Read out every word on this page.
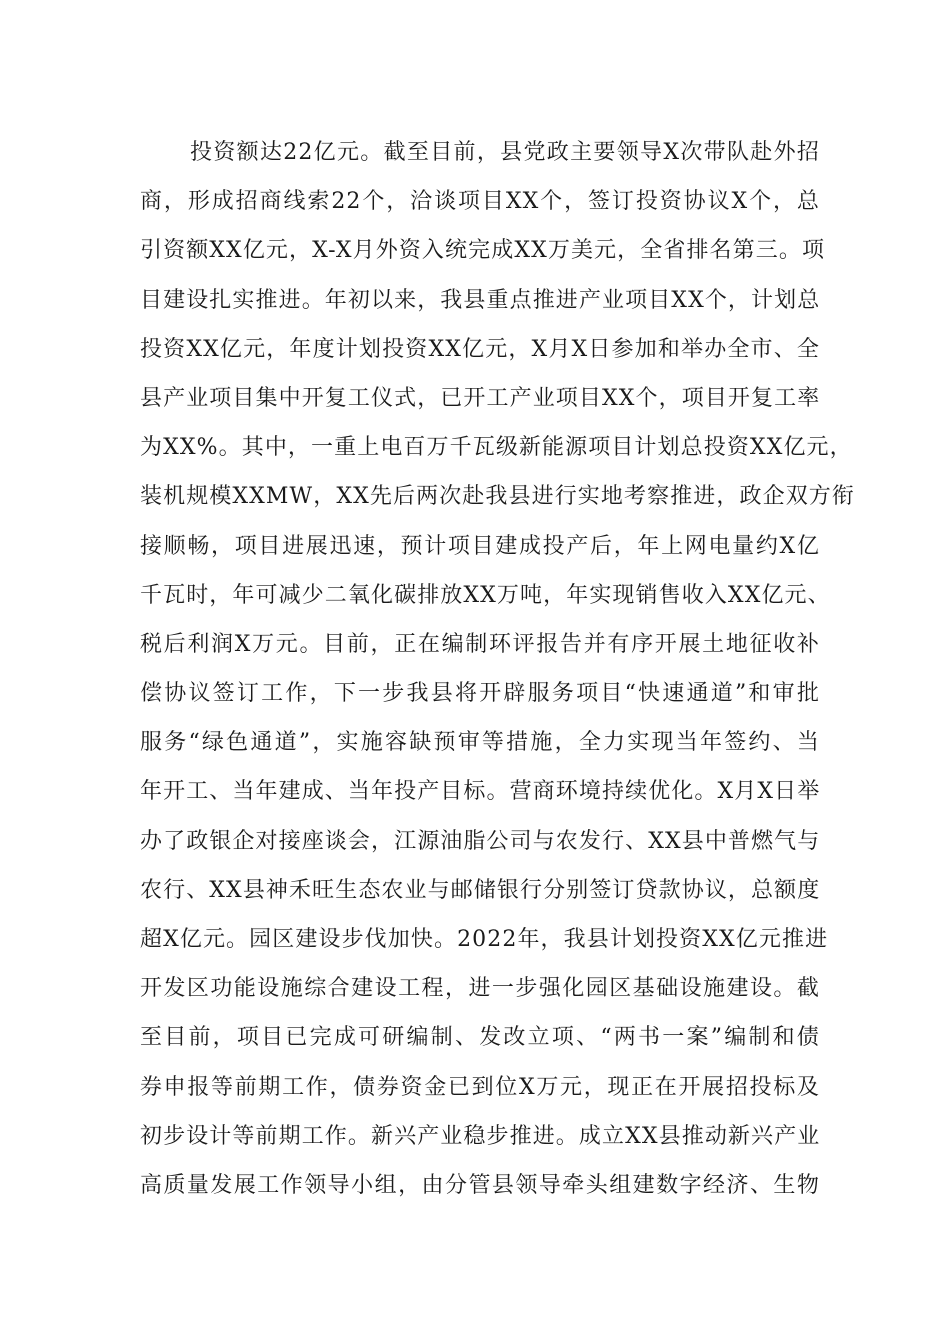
投资额达22亿元。截至目前，县党政主要领导X次带队赴外招
商，形成招商线索22个，洽谈项目XX个，签订投资协议X个，总
引资额XX亿元，X-X月外资入统完成XX万美元，全省排名第三。项
目建设扎实推进。年初以来，我县重点推进产业项目XX个，计划总
投资XX亿元，年度计划投资XX亿元，X月X日参加和举办全市、全
县产业项目集中开复工仪式，已开工产业项目XX个，项目开复工率
为XX%。其中，一重上电百万千瓦级新能源项目计划总投资XX亿元，
装机规模XXMW，XX先后两次赴我县进行实地考察推进，政企双方衔
接顺畅，项目进展迅速，预计项目建成投产后，年上网电量约X亿
千瓦时，年可减少二氧化碳排放XX万吨，年实现销售收入XX亿元、
税后利润X万元。目前，正在编制环评报告并有序开展土地征收补
偿协议签订工作，下一步我县将开辟服务项目“快速通道”和审批
服务“绿色通道”，实施容缺预审等措施，全力实现当年签约、当
年开工、当年建成、当年投产目标。营商环境持续优化。X月X日举
办了政银企对接座谈会，江源油脂公司与农发行、XX县中普燃气与
农行、XX县神禾旺生态农业与邮储银行分别签订贷款协议，总额度
超X亿元。园区建设步伐加快。2022年，我县计划投资XX亿元推进
开发区功能设施综合建设工程，进一步强化园区基础设施建设。截
至目前，项目已完成可研编制、发改立项、“两书一案”编制和债
券申报等前期工作，债券资金已到位X万元，现正在开展招投标及
初步设计等前期工作。新兴产业稳步推进。成立XX县推动新兴产业
高质量发展工作领导小组，由分管县领导牵头组建数字经济、生物
